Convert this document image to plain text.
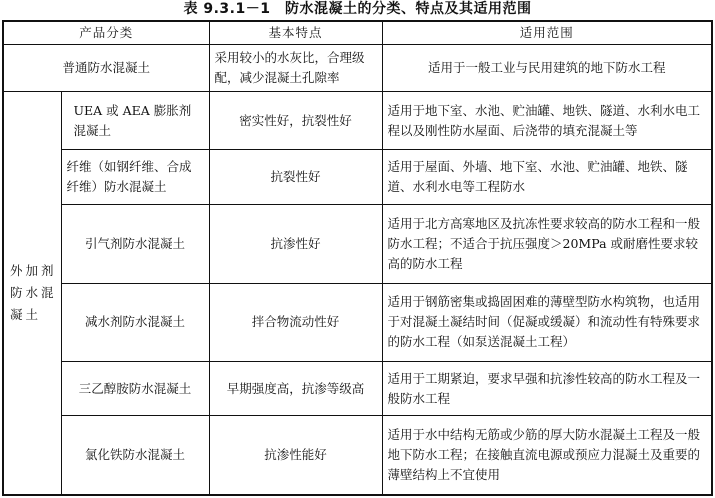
表 9.3.1－1　防水混凝土的分类、特点及其适用范围
产品分类		基本特点	适用范围
普通防水混凝土		采用较小的水灰比，合理级配，减少混凝土孔隙率	适用于一般工业与民用建筑的地下防水工程
外加剂防水混凝土	UEA 或 AEA 膨胀剂混凝土	密实性好，抗裂性好	适用于地下室、水池、贮油罐、地铁、隧道、水利水电工程以及刚性防水屋面、后浇带的填充混凝土等
	纤维（如钢纤维、合成纤维）防水混凝土	抗裂性好	适用于屋面、外墙、地下室、水池、贮油罐、地铁、隧道、水利水电等工程防水
	引气剂防水混凝土	抗渗性好	适用于北方高寒地区及抗冻性要求较高的防水工程和一般防水工程；不适合于抗压强度＞20MPa 或耐磨性要求较高的防水工程
	减水剂防水混凝土	拌合物流动性好	适用于钢筋密集或捣固困难的薄壁型防水构筑物，也适用于对混凝土凝结时间（促凝或缓凝）和流动性有特殊要求的防水工程（如泵送混凝土工程）
	三乙醇胺防水混凝土	早期强度高，抗渗等级高	适用于工期紧迫，要求早强和抗渗性较高的防水工程及一般防水工程
	氯化铁防水混凝土	抗渗性能好	适用于水中结构无筋或少筋的厚大防水混凝土工程及一般地下防水工程；在接触直流电源或预应力混凝土及重要的薄壁结构上不宜使用
